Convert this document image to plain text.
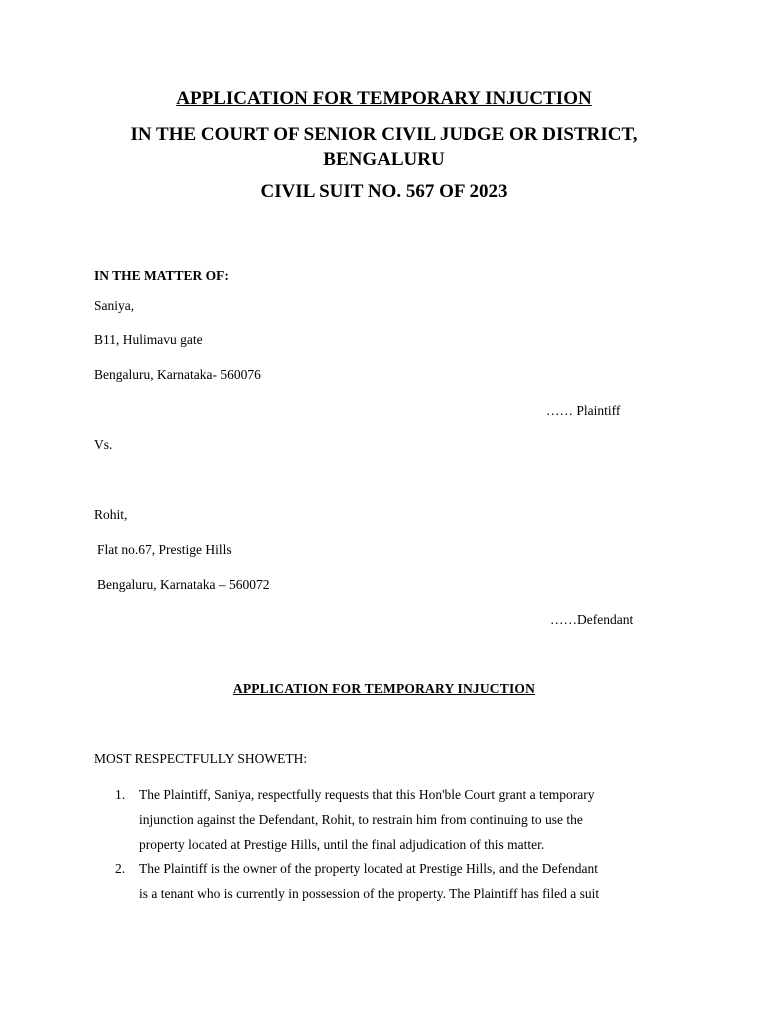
APPLICATION FOR TEMPORARY INJUCTION
IN THE COURT OF SENIOR CIVIL JUDGE OR DISTRICT,
BENGALURU
CIVIL SUIT NO. 567 OF 2023
IN THE MATTER OF:
Saniya,
B11, Hulimavu gate
Bengaluru, Karnataka- 560076
…… Plaintiff
Vs.
Rohit,
Flat no.67, Prestige Hills
Bengaluru, Karnataka – 560072
……Defendant
APPLICATION FOR TEMPORARY INJUCTION
MOST RESPECTFULLY SHOWETH:
1. The Plaintiff, Saniya, respectfully requests that this Hon'ble Court grant a temporary
injunction against the Defendant, Rohit, to restrain him from continuing to use the
property located at Prestige Hills, until the final adjudication of this matter.
2. The Plaintiff is the owner of the property located at Prestige Hills, and the Defendant
is a tenant who is currently in possession of the property. The Plaintiff has filed a suit
